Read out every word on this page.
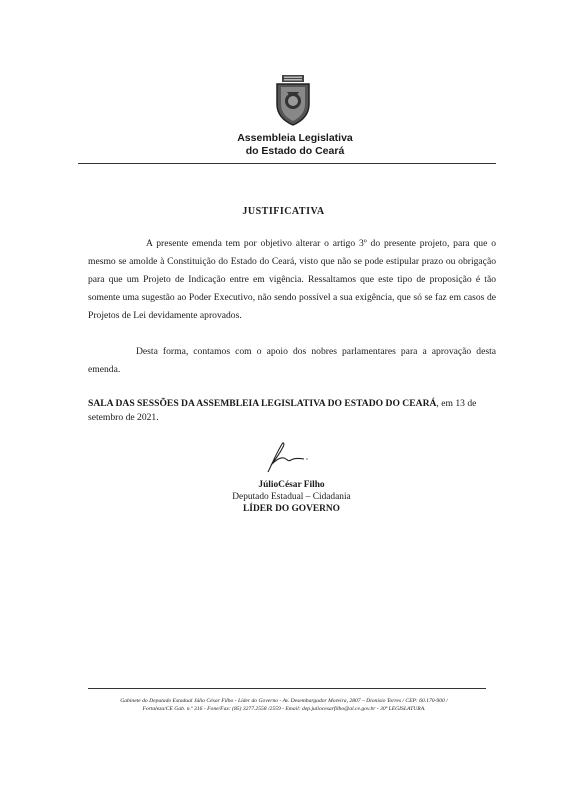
Assembleia Legislativa
do Estado do Ceará
JUSTIFICATIVA
A presente emenda tem por objetivo alterar o artigo 3º do presente projeto, para que o mesmo se amolde à Constituição do Estado do Ceará, visto que não se pode estipular prazo ou obrigação para que um Projeto de Indicação entre em vigência. Ressaltamos que este tipo de proposição é tão somente uma sugestão ao Poder Executivo, não sendo possível a sua exigência, que só se faz em casos de Projetos de Lei devidamente aprovados.
Desta forma, contamos com o apoio dos nobres parlamentares para a aprovação desta emenda.
SALA DAS SESSÕES DA ASSEMBLEIA LEGISLATIVA DO ESTADO DO CEARÁ, em 13 de setembro de 2021.
JúlioCésar Filho
Deputado Estadual – Cidadania
LÍDER DO GOVERNO
Gabinete do Deputado Estadual Júlio César Filho - Líder do Governo - Av. Desembargador Moreira, 2807 – Dionísio Torres / CEP: 60.170-900 /
Fortaleza/CE Gab. n.º 316 - Fone/Fax: (85) 3277.2558 /2559 - Email: dep.juliocesarfilho@al.ce.gov.br - 30ª LEGISLATURA.
